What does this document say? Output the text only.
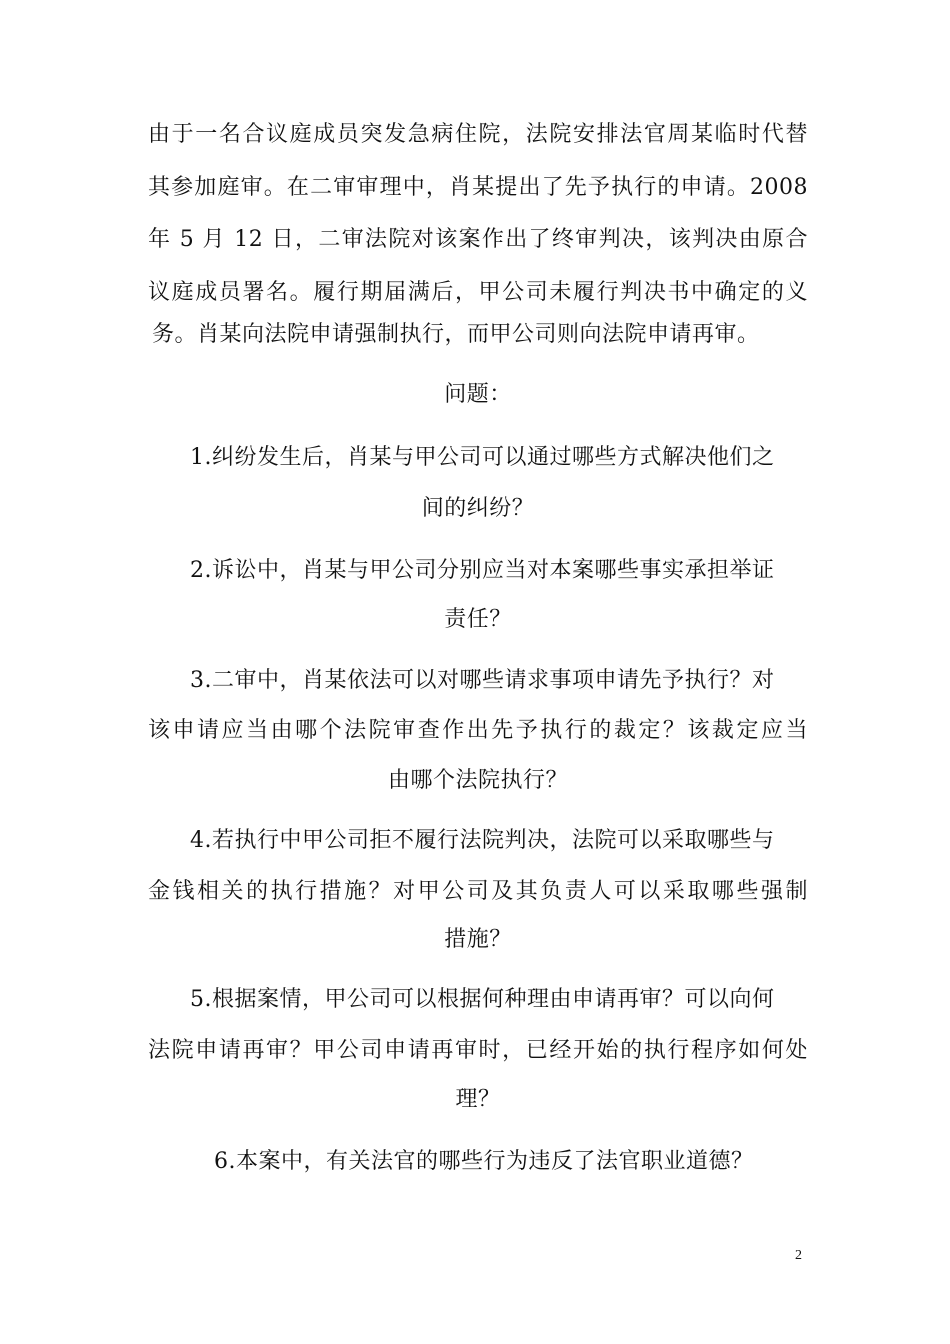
由于一名合议庭成员突发急病住院，法院安排法官周某临时代替
其参加庭审。在二审审理中，肖某提出了先予执行的申请。2008
年 5 月 12 日，二审法院对该案作出了终审判决，该判决由原合
议庭成员署名。履行期届满后，甲公司未履行判决书中确定的义
务。肖某向法院申请强制执行，而甲公司则向法院申请再审。
问题：
1.纠纷发生后，肖某与甲公司可以通过哪些方式解决他们之
间的纠纷？
2.诉讼中，肖某与甲公司分别应当对本案哪些事实承担举证
责任？
3.二审中，肖某依法可以对哪些请求事项申请先予执行？对
该申请应当由哪个法院审查作出先予执行的裁定？该裁定应当
由哪个法院执行？
4.若执行中甲公司拒不履行法院判决，法院可以采取哪些与
金钱相关的执行措施？对甲公司及其负责人可以采取哪些强制
措施？
5.根据案情，甲公司可以根据何种理由申请再审？可以向何
法院申请再审？甲公司申请再审时，已经开始的执行程序如何处
理？
6.本案中，有关法官的哪些行为违反了法官职业道德？
2
